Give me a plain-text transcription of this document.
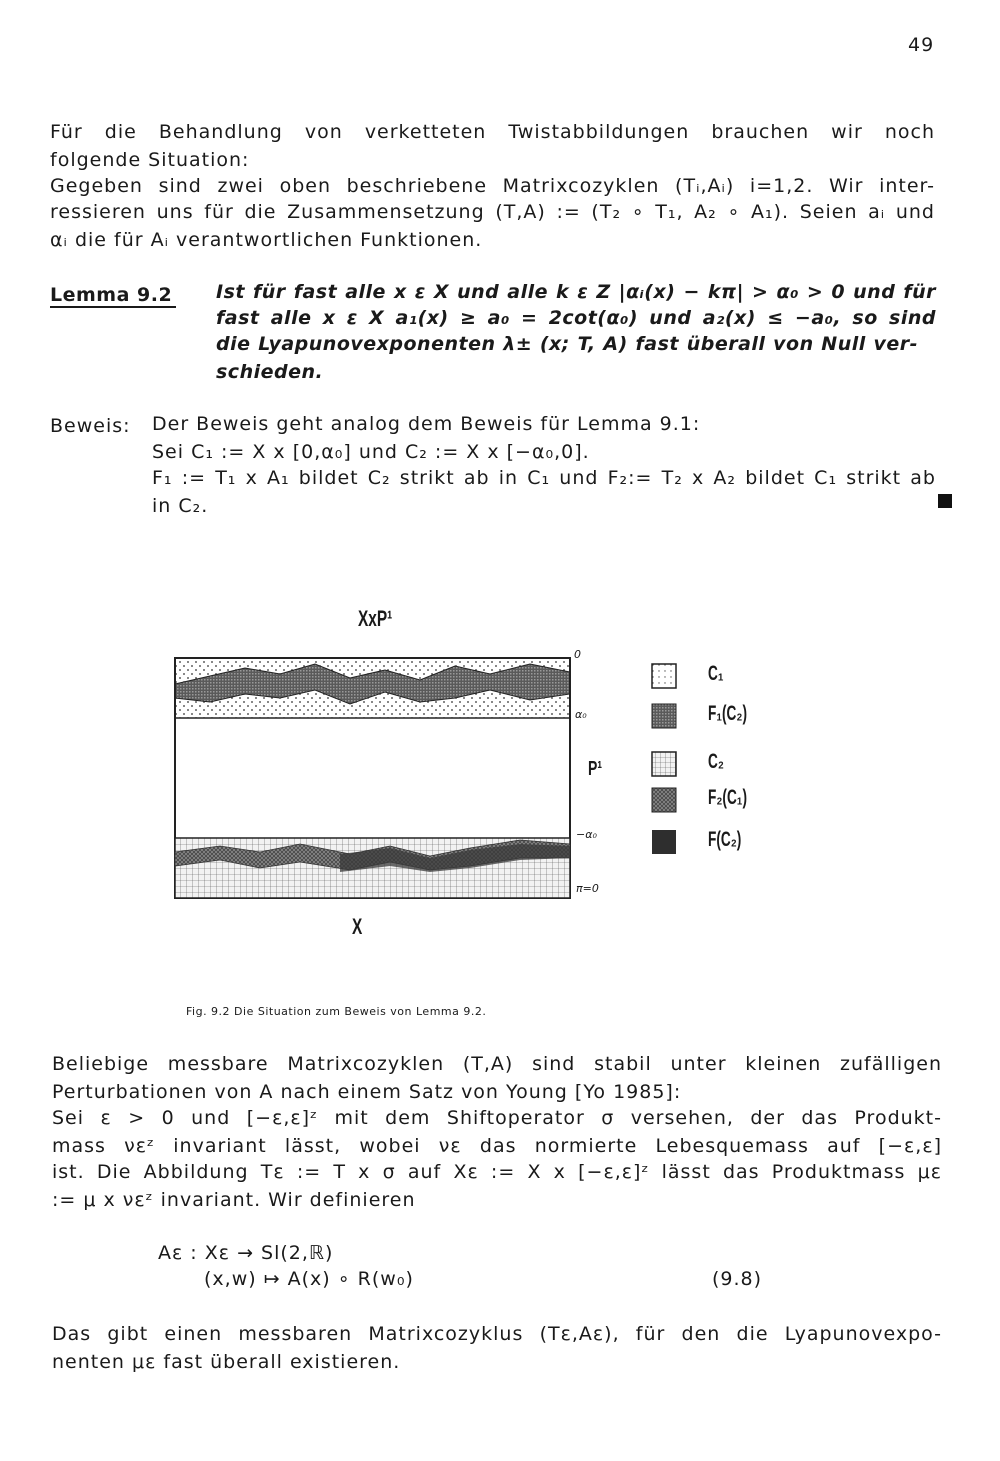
49
Für die Behandlung von verketteten Twistabbildungen brauchen wir noch
folgende Situation:
Gegeben sind zwei oben beschriebene Matrixcozyklen (Tᵢ,Aᵢ) i=1,2. Wir inter-
ressieren uns für die Zusammensetzung (T,A) := (T₂ ∘ T₁, A₂ ∘ A₁). Seien aᵢ und
αᵢ die für Aᵢ verantwortlichen Funktionen.
Lemma 9.2 Ist für fast alle x ε X und alle k ε Z |αᵢ(x) − kπ| > α₀ > 0 und für
fast alle x ε X a₁(x) ≥ a₀ = 2cot(α₀) und a₂(x) ≤ −a₀, so sind
die Lyapunovexponenten λ± (x; T, A) fast überall von Null ver-
schieden.
Beweis: Der Beweis geht analog dem Beweis für Lemma 9.1:
Sei C₁ := X x [0,α₀] und C₂ := X x [−α₀,0].
F₁ := T₁ x A₁ bildet C₂ strikt ab in C₁ und F₂:= T₂ x A₂ bildet C₁ strikt ab
in C₂.
XxP¹
P¹
X
0
α₀
−α₀
π=0
C₁
F₁(C₂)
C₂
F₂(C₁)
F(C₂)
Fig. 9.2 Die Situation zum Beweis von Lemma 9.2.
Beliebige messbare Matrixcozyklen (T,A) sind stabil unter kleinen zufälligen
Perturbationen von A nach einem Satz von Young [Yo 1985]:
Sei ε > 0 und [−ε,ε]ᶻ mit dem Shiftoperator σ versehen, der das Produkt-
mass νεᶻ invariant lässt, wobei νε das normierte Lebesquemass auf [−ε,ε]
ist. Die Abbildung Tε := T x σ auf Xε := X x [−ε,ε]ᶻ lässt das Produktmass με
:= μ x νεᶻ invariant. Wir definieren
Aε : Xε → Sl(2,ℝ)
(x,w) ↦ A(x) ∘ R(w₀)	(9.8)
Das gibt einen messbaren Matrixcozyklus (Tε,Aε), für den die Lyapunovexpo-
nenten με fast überall existieren.
